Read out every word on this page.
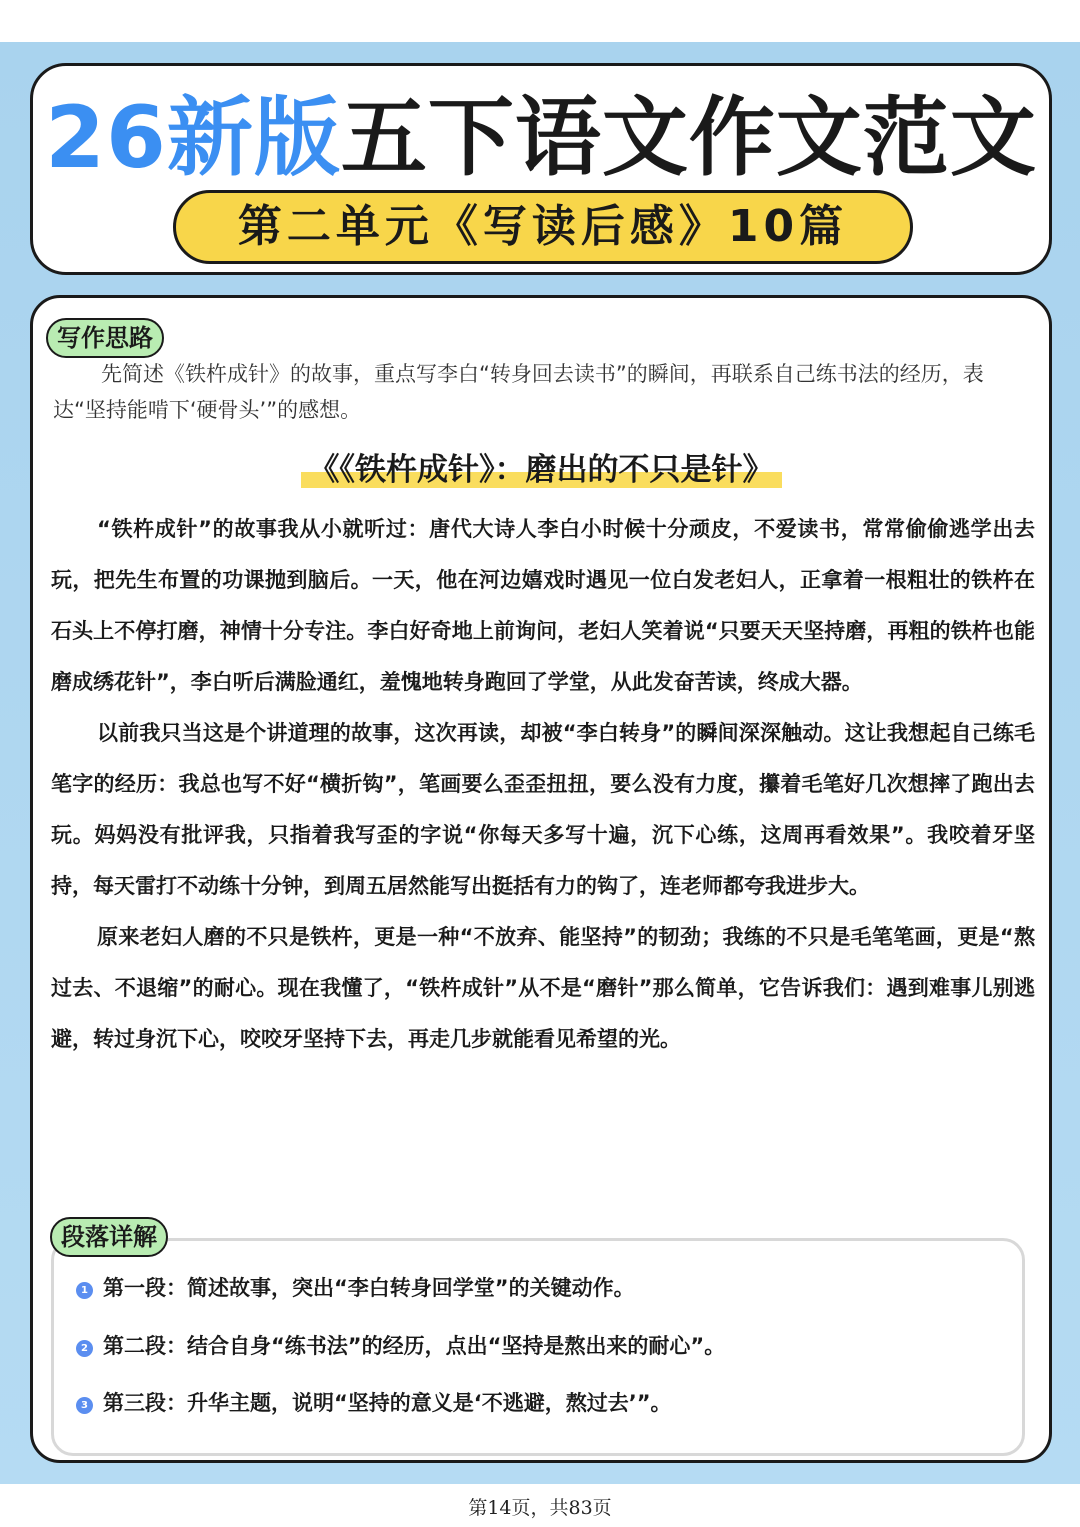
26新版五下语文作文范文
第二单元《写读后感》10篇
写作思路

先简述《铁杵成针》的故事，重点写李白“转身回去读书”的瞬间，再联系自己练书法的经历，表达“坚持能啃下‘硬骨头’”的感想。

《《铁杵成针》：磨出的不只是针》

“铁杵成针”的故事我从小就听过：唐代大诗人李白小时候十分顽皮，不爱读书，常常偷偷逃学出去玩，把先生布置的功课抛到脑后。一天，他在河边嬉戏时遇见一位白发老妇人，正拿着一根粗壮的铁杵在石头上不停打磨，神情十分专注。李白好奇地上前询问，老妇人笑着说“只要天天坚持磨，再粗的铁杵也能磨成绣花针”，李白听后满脸通红，羞愧地转身跑回了学堂，从此发奋苦读，终成大器。

以前我只当这是个讲道理的故事，这次再读，却被“李白转身”的瞬间深深触动。这让我想起自己练毛笔字的经历：我总也写不好“横折钩”，笔画要么歪歪扭扭，要么没有力度，攥着毛笔好几次想摔了跑出去玩。妈妈没有批评我，只指着我写歪的字说“你每天多写十遍，沉下心练，这周再看效果”。我咬着牙坚持，每天雷打不动练十分钟，到周五居然能写出挺括有力的钩了，连老师都夸我进步大。

原来老妇人磨的不只是铁杵，更是一种“不放弃、能坚持”的韧劲；我练的不只是毛笔笔画，更是“熬过去、不退缩”的耐心。现在我懂了，“铁杵成针”从不是“磨针”那么简单，它告诉我们：遇到难事儿别逃避，转过身沉下心，咬咬牙坚持下去，再走几步就能看见希望的光。

1 第一段：简述故事，突出“李白转身回学堂”的关键动作。
2 第二段：结合自身“练书法”的经历，点出“坚持是熬出来的耐心”。
3 第三段：升华主题，说明“坚持的意义是‘不逃避，熬过去’”。
段落详解
第14页，共83页
